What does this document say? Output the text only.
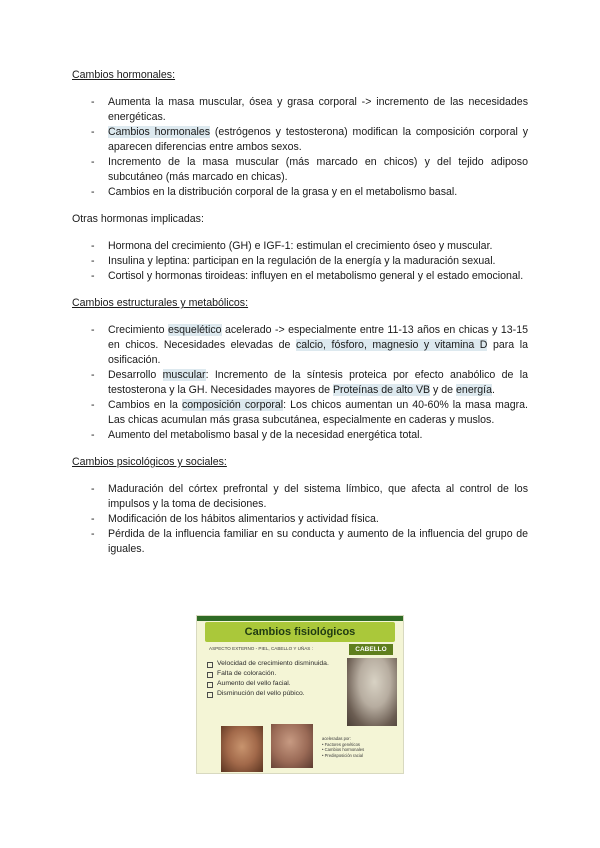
Cambios hormonales:
- Aumenta la masa muscular, ósea y grasa corporal -> incremento de las necesidades energéticas.
- Cambios hormonales (estrógenos y testosterona) modifican la composición corporal y aparecen diferencias entre ambos sexos.
- Incremento de la masa muscular (más marcado en chicos) y del tejido adiposo subcutáneo (más marcado en chicas).
- Cambios en la distribución corporal de la grasa y en el metabolismo basal.
Otras hormonas implicadas:
- Hormona del crecimiento (GH) e IGF-1: estimulan el crecimiento óseo y muscular.
- Insulina y leptina: participan en la regulación de la energía y la maduración sexual.
- Cortisol y hormonas tiroideas: influyen en el metabolismo general y el estado emocional.
Cambios estructurales y metabólicos:
- Crecimiento esquelético acelerado -> especialmente entre 11-13 años en chicas y 13-15 en chicos. Necesidades elevadas de calcio, fósforo, magnesio y vitamina D para la osificación.
- Desarrollo muscular: Incremento de la síntesis proteica por efecto anabólico de la testosterona y la GH. Necesidades mayores de Proteínas de alto VB y de energía.
- Cambios en la composición corporal: Los chicos aumentan un 40-60% la masa magra. Las chicas acumulan más grasa subcutánea, especialmente en caderas y muslos.
- Aumento del metabolismo basal y de la necesidad energética total.
Cambios psicológicos y sociales:
- Maduración del córtex prefrontal y del sistema límbico, que afecta al control de los impulsos y la toma de decisiones.
- Modificación de los hábitos alimentarios y actividad física.
- Pérdida de la influencia familiar en su conducta y aumento de la influencia del grupo de iguales.
Cambios fisiológicos
ASPECTO EXTERNO - PIEL, CABELLO Y UÑAS :	CABELLO
Velocidad de crecimiento disminuida.
Falta de coloración.
Aumento del vello facial.
Disminución del vello púbico.
aceleradas por:
• Factores genéticos
• Cambios hormonales
• Predisposición racial
